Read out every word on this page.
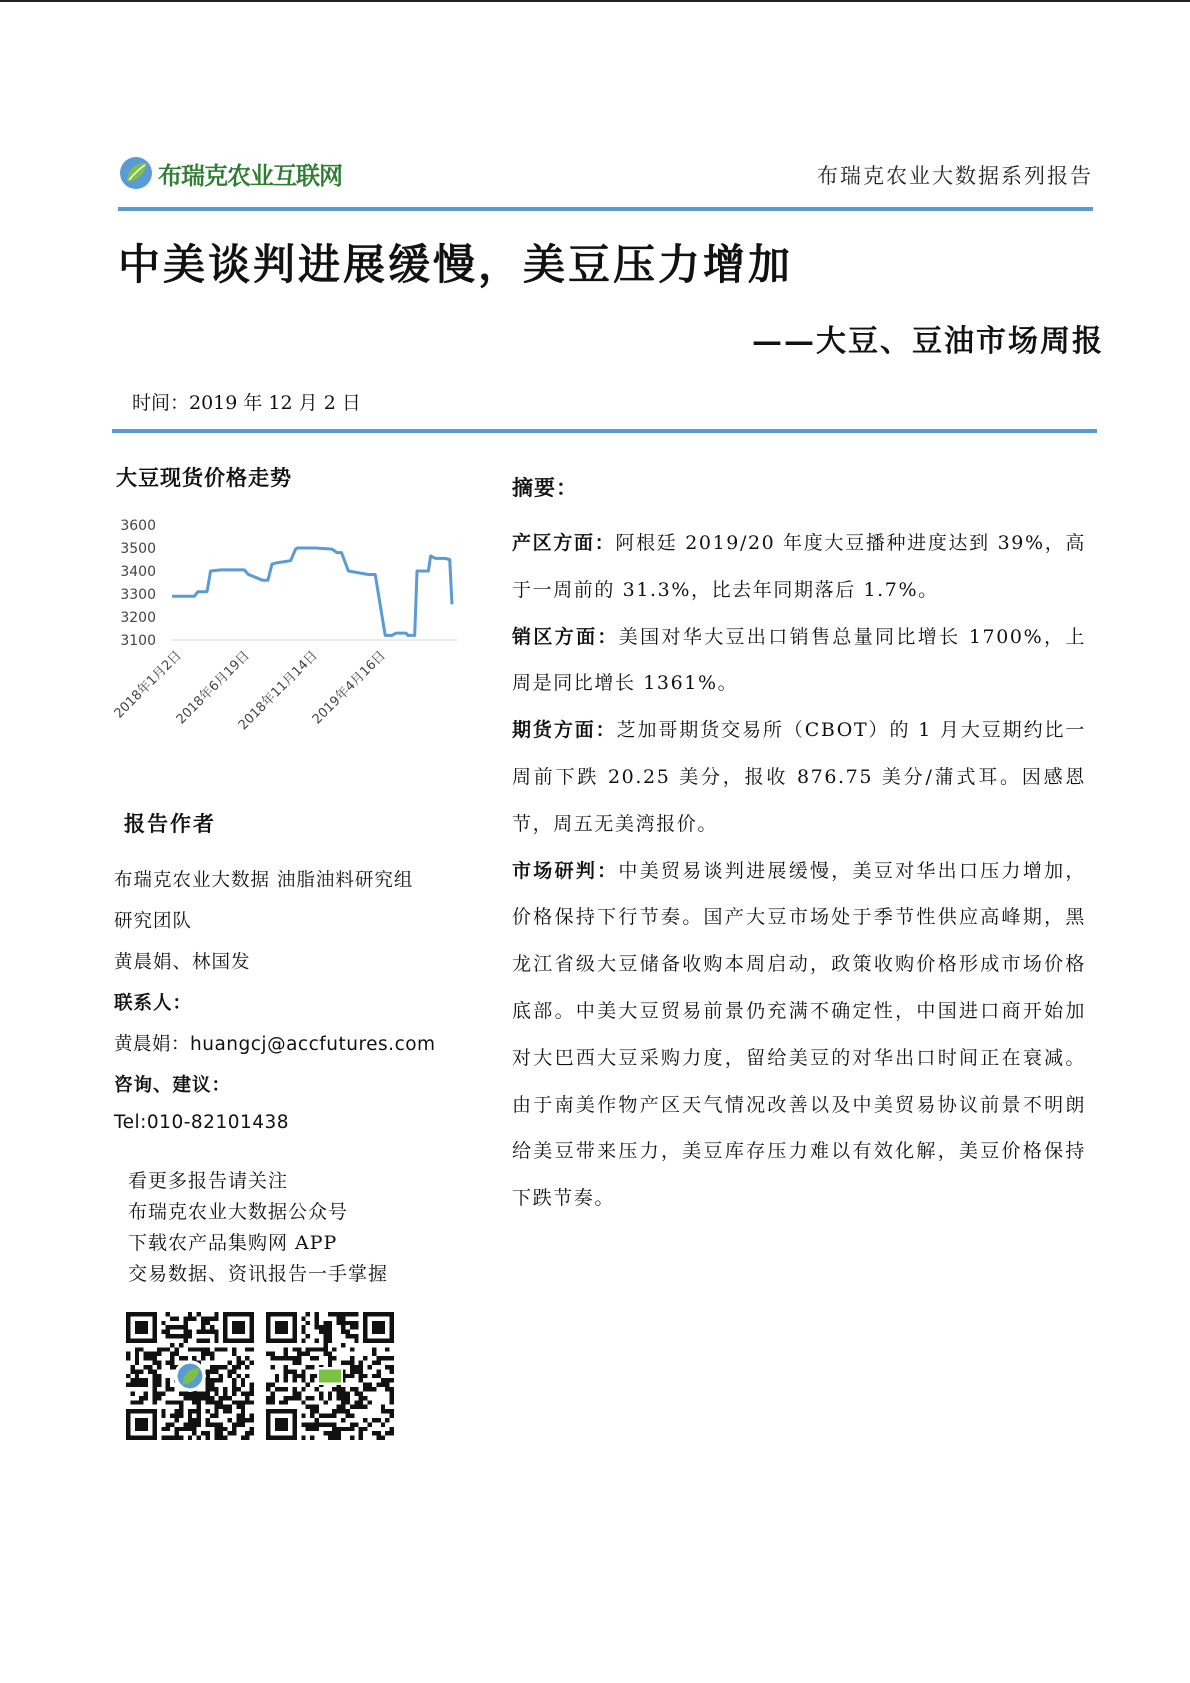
布瑞克农业互联网	布瑞克农业大数据系列报告
中美谈判进展缓慢，美豆压力增加
——大豆、豆油市场周报
时间：2019 年 12 月 2 日
大豆现货价格走势
3100
3200
3300
3400
3500
3600
2018年1月2日
2018年6月19日
2018年11月14日
2019年4月16日
报告作者
布瑞克农业大数据 油脂油料研究组
研究团队
黄晨娟、林国发
联系人：
黄晨娟：huangcj@accfutures.com
咨询、建议：
Tel:010-82101438
看更多报告请关注
布瑞克农业大数据公众号
下载农产品集购网 APP
交易数据、资讯报告一手掌握
摘要：

产区方面：阿根廷 2019/20 年度大豆播种进度达到 39%，高于一周前的 31.3%，比去年同期落后 1.7%。

销区方面：美国对华大豆出口销售总量同比增长 1700%，上周是同比增长 1361%。

期货方面：芝加哥期货交易所（CBOT）的 1 月大豆期约比一周前下跌 20.25 美分，报收 876.75 美分/蒲式耳。因感恩节，周五无美湾报价。

市场研判：中美贸易谈判进展缓慢，美豆对华出口压力增加，价格保持下行节奏。国产大豆市场处于季节性供应高峰期，黑龙江省级大豆储备收购本周启动，政策收购价格形成市场价格底部。中美大豆贸易前景仍充满不确定性，中国进口商开始加对大巴西大豆采购力度，留给美豆的对华出口时间正在衰减。由于南美作物产区天气情况改善以及中美贸易协议前景不明朗给美豆带来压力，美豆库存压力难以有效化解，美豆价格保持下跌节奏。
